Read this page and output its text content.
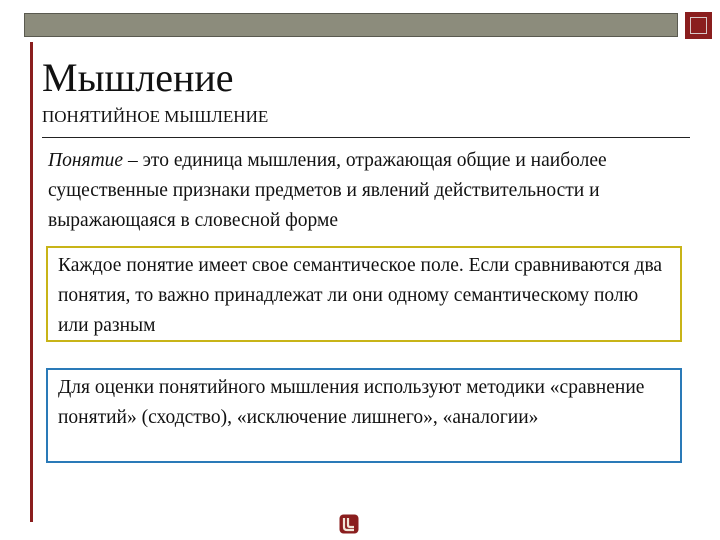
Мышление

ПОНЯТИЙНОЕ МЫШЛЕНИЕ

Понятие – это единица мышления, отражающая общие и наиболее существенные признаки предметов и явлений действительности и выражающаяся в словесной форме

Каждое понятие имеет свое семантическое поле. Если сравниваются два понятия, то важно принадлежат ли они одному семантическому полю или разным
Для оценки понятийного мышления используют методики «сравнение понятий» (сходство), «исключение лишнего», «аналогии»
